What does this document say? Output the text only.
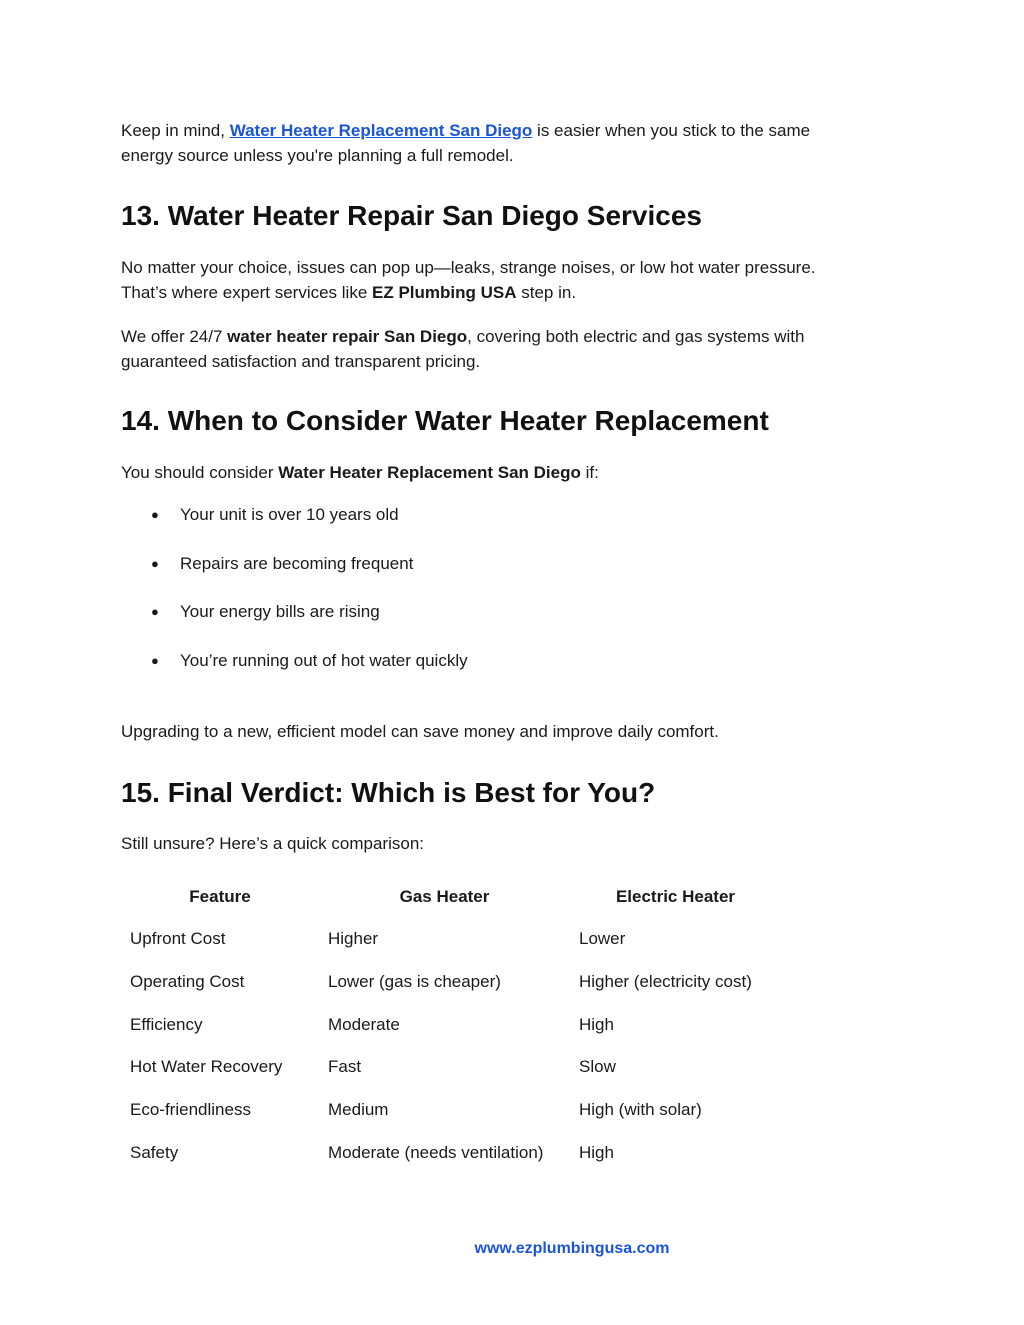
Keep in mind, Water Heater Replacement San Diego is easier when you stick to the same
energy source unless you're planning a full remodel.

13. Water Heater Repair San Diego Services

No matter your choice, issues can pop up—leaks, strange noises, or low hot water pressure.
That’s where expert services like EZ Plumbing USA step in.

We offer 24/7 water heater repair San Diego, covering both electric and gas systems with
guaranteed satisfaction and transparent pricing.

14. When to Consider Water Heater Replacement

You should consider Water Heater Replacement San Diego if:

● Your unit is over 10 years old
● Repairs are becoming frequent
● Your energy bills are rising
● You’re running out of hot water quickly

Upgrading to a new, efficient model can save money and improve daily comfort.

15. Final Verdict: Which is Best for You?

Still unsure? Here’s a quick comparison:

Feature	Gas Heater	Electric Heater
Upfront Cost	Higher	Lower
Operating Cost	Lower (gas is cheaper)	Higher (electricity cost)
Efficiency	Moderate	High
Hot Water Recovery	Fast	Slow
Eco-friendliness	Medium	High (with solar)
Safety	Moderate (needs ventilation)	High
www.ezplumbingusa.com
